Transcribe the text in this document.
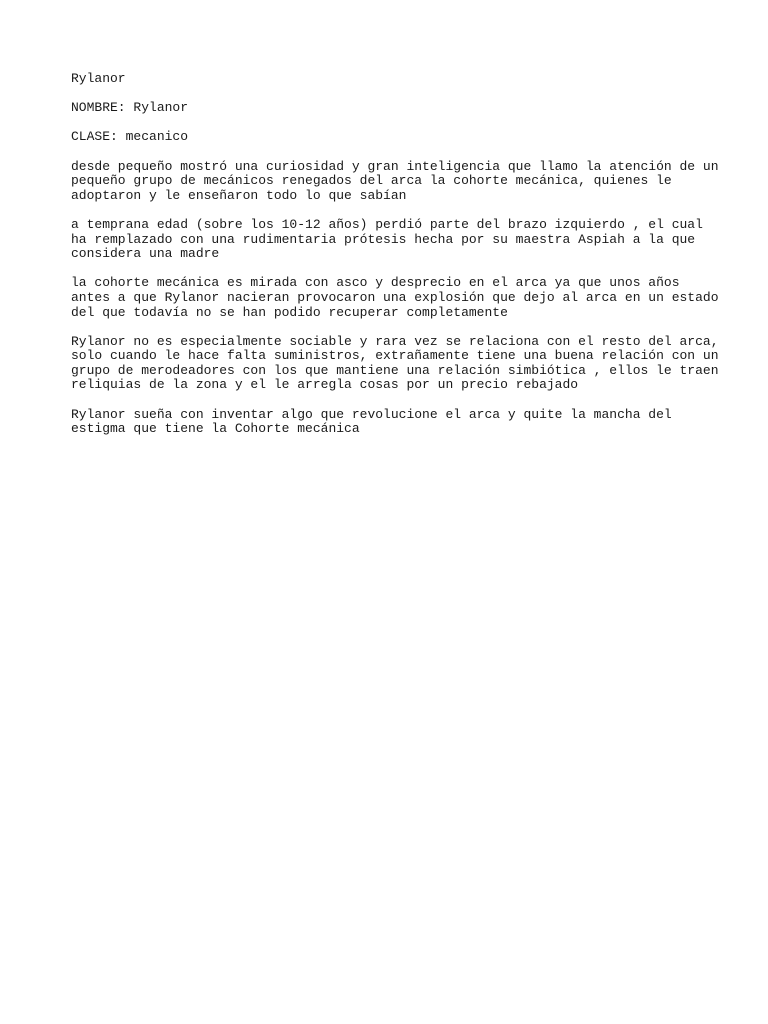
Rylanor

NOMBRE: Rylanor

CLASE: mecanico

desde pequeño mostró una curiosidad y gran inteligencia que llamo la atención de un
pequeño grupo de mecánicos renegados del arca la cohorte mecánica, quienes le
adoptaron y le enseñaron todo lo que sabían

a temprana edad (sobre los 10-12 años) perdió parte del brazo izquierdo , el cual
ha remplazado con una rudimentaria prótesis hecha por su maestra Aspiah a la que
considera una madre

la cohorte mecánica es mirada con asco y desprecio en el arca ya que unos años
antes a que Rylanor nacieran provocaron una explosión que dejo al arca en un estado
del que todavía no se han podido recuperar completamente

Rylanor no es especialmente sociable y rara vez se relaciona con el resto del arca,
solo cuando le hace falta suministros, extrañamente tiene una buena relación con un
grupo de merodeadores con los que mantiene una relación simbiótica , ellos le traen
reliquias de la zona y el le arregla cosas por un precio rebajado

Rylanor sueña con inventar algo que revolucione el arca y quite la mancha del
estigma que tiene la Cohorte mecánica
